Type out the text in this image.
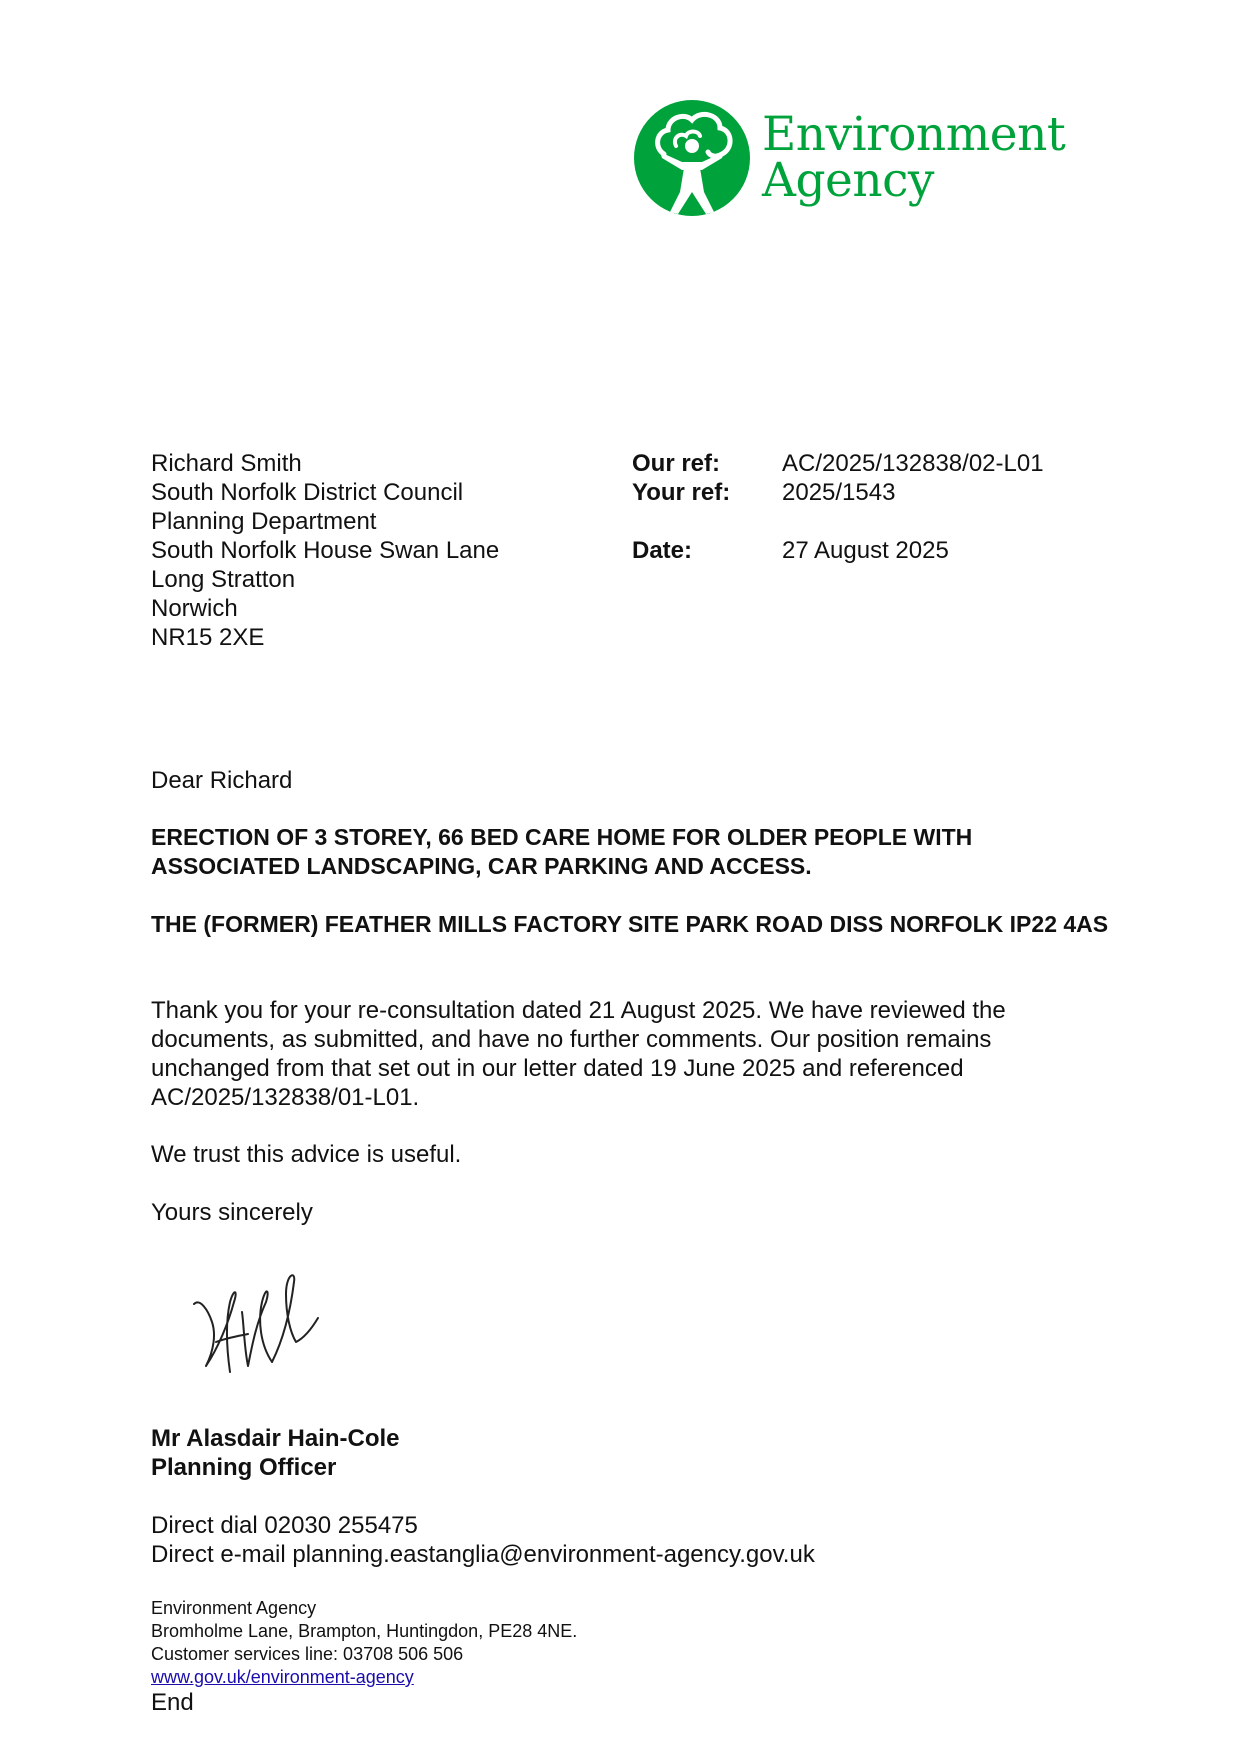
Environment
Agency
Richard Smith
South Norfolk District Council
Planning Department
South Norfolk House Swan Lane
Long Stratton
Norwich
NR15 2XE
Our ref:	AC/2025/132838/02-L01
Your ref: 2025/1543
Date:	27 August 2025
Dear Richard
ERECTION OF 3 STOREY, 66 BED CARE HOME FOR OLDER PEOPLE WITH ASSOCIATED LANDSCAPING, CAR PARKING AND ACCESS.
THE (FORMER) FEATHER MILLS FACTORY SITE PARK ROAD DISS NORFOLK IP22 4AS
Thank you for your re-consultation dated 21 August 2025. We have reviewed the documents, as submitted, and have no further comments. Our position remains unchanged from that set out in our letter dated 19 June 2025 and referenced AC/2025/132838/01-L01.
We trust this advice is useful.
Yours sincerely
Mr Alasdair Hain-Cole
Planning Officer
Direct dial 02030 255475
Direct e-mail planning.eastanglia@environment-agency.gov.uk
Environment Agency
Bromholme Lane, Brampton, Huntingdon, PE28 4NE.
Customer services line: 03708 506 506
www.gov.uk/environment-agency
End
